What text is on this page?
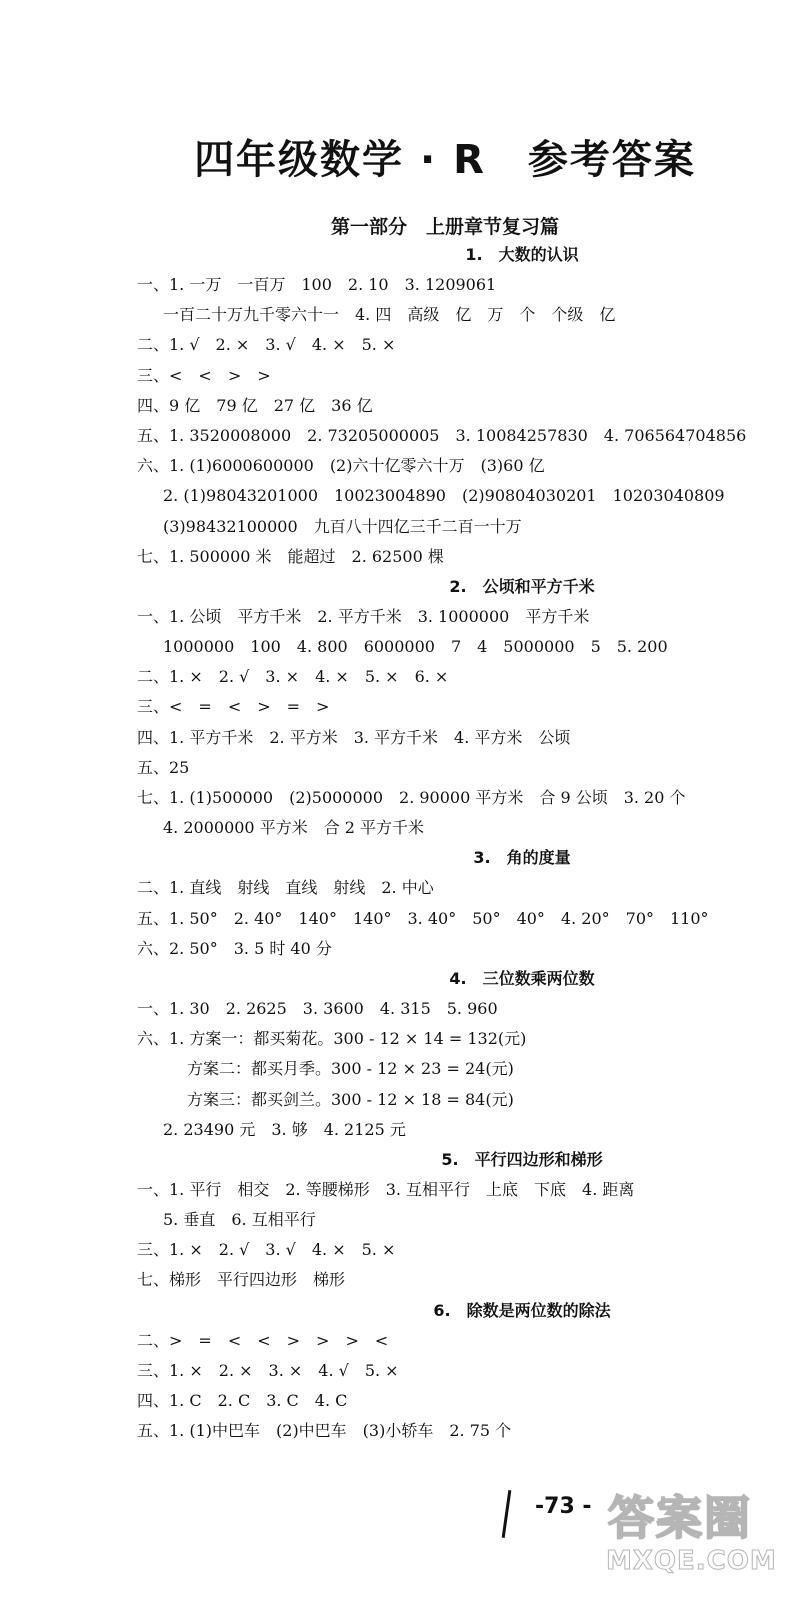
四年级数学 · R　参考答案
第一部分　上册章节复习篇
1.　大数的认识
一、1. 一万　一百万　100　2. 10　3. 1209061
一百二十万九千零六十一　4. 四　高级　亿　万　个　个级　亿
二、1. √　2. ×　3. √　4. ×　5. ×
三、<　<　>　>
四、9 亿　79 亿　27 亿　36 亿
五、1. 3520008000　2. 73205000005　3. 10084257830　4. 706564704856
六、1. (1)6000600000　(2)六十亿零六十万　(3)60 亿
2. (1)98043201000　10023004890　(2)90804030201　10203040809
(3)98432100000　九百八十四亿三千二百一十万
七、1. 500000 米　能超过　2. 62500 棵
2.　公顷和平方千米
一、1. 公顷　平方千米　2. 平方千米　3. 1000000　平方千米
1000000　100　4. 800　6000000　7　4　5000000　5　5. 200
二、1. ×　2. √　3. ×　4. ×　5. ×　6. ×
三、<　=　<　>　=　>
四、1. 平方千米　2. 平方米　3. 平方千米　4. 平方米　公顷
五、25
七、1. (1)500000　(2)5000000　2. 90000 平方米　合 9 公顷　3. 20 个
4. 2000000 平方米　合 2 平方千米
3.　角的度量
二、1. 直线　射线　直线　射线　2. 中心
五、1. 50°　2. 40°　140°　140°　3. 40°　50°　40°　4. 20°　70°　110°
六、2. 50°　3. 5 时 40 分
4.　三位数乘两位数
一、1. 30　2. 2625　3. 3600　4. 315　5. 960
六、1. 方案一：都买菊花。300 - 12 × 14 = 132(元)
方案二：都买月季。300 - 12 × 23 = 24(元)
方案三：都买剑兰。300 - 12 × 18 = 84(元)
2. 23490 元　3. 够　4. 2125 元
5.　平行四边形和梯形
一、1. 平行　相交　2. 等腰梯形　3. 互相平行　上底　下底　4. 距离
5. 垂直　6. 互相平行
三、1. ×　2. √　3. √　4. ×　5. ×
七、梯形　平行四边形　梯形
6.　除数是两位数的除法
二、>　=　<　<　>　>　>　<
三、1. ×　2. ×　3. ×　4. √　5. ×
四、1. C　2. C　3. C　4. C
五、1. (1)中巴车　(2)中巴车　(3)小轿车　2. 75 个
-73 - 答案圈
MXQE.COM
